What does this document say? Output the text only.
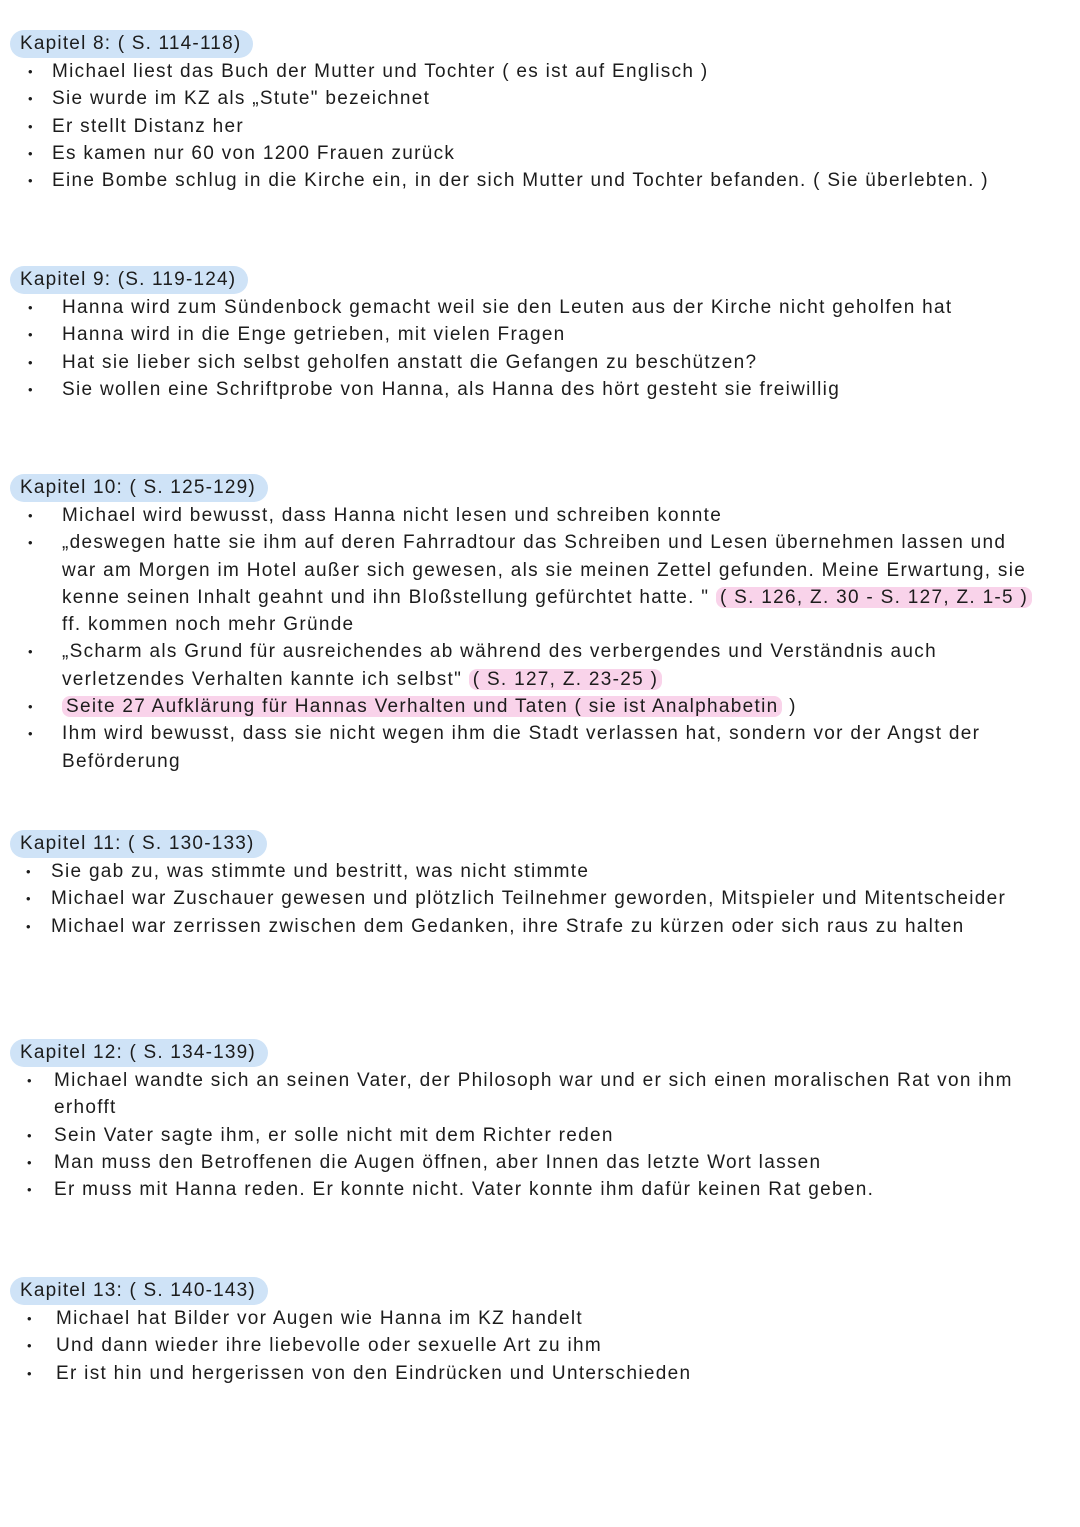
Kapitel 8: ( S. 114-118)
• Michael liest das Buch der Mutter und Tochter ( es ist auf Englisch )
• Sie wurde im KZ als „Stute" bezeichnet
• Er stellt Distanz her
• Es kamen nur 60 von 1200 Frauen zurück
• Eine Bombe schlug in die Kirche ein, in der sich Mutter und Tochter befanden. ( Sie überlebten. )
Kapitel 9: (S. 119-124)
• Hanna wird zum Sündenbock gemacht weil sie den Leuten aus der Kirche nicht geholfen hat
• Hanna wird in die Enge getrieben, mit vielen Fragen
• Hat sie lieber sich selbst geholfen anstatt die Gefangen zu beschützen?
• Sie wollen eine Schriftprobe von Hanna, als Hanna des hört gesteht sie freiwillig
Kapitel 10: ( S. 125-129)
• Michael wird bewusst, dass Hanna nicht lesen und schreiben konnte
• „deswegen hatte sie ihm auf deren Fahrradtour das Schreiben und Lesen übernehmen lassen und war am Morgen im Hotel außer sich gewesen, als sie meinen Zettel gefunden. Meine Erwartung, sie kenne seinen Inhalt geahnt und ihn Bloßstellung gefürchtet hatte. " ( S. 126, Z. 30 - S. 127, Z. 1-5 ) ff. kommen noch mehr Gründe
• „Scharm als Grund für ausreichendes ab während des verbergendes und Verständnis auch verletzendes Verhalten kannte ich selbst" ( S. 127, Z. 23-25 )
• Seite 27 Aufklärung für Hannas Verhalten und Taten ( sie ist Analphabetin )
• Ihm wird bewusst, dass sie nicht wegen ihm die Stadt verlassen hat, sondern vor der Angst der Beförderung
Kapitel 11: ( S. 130-133)
• Sie gab zu, was stimmte und bestritt, was nicht stimmte
• Michael war Zuschauer gewesen und plötzlich Teilnehmer geworden, Mitspieler und Mitentscheider
• Michael war zerrissen zwischen dem Gedanken, ihre Strafe zu kürzen oder sich raus zu halten
Kapitel 12: ( S. 134-139)
• Michael wandte sich an seinen Vater, der Philosoph war und er sich einen moralischen Rat von ihm erhofft
• Sein Vater sagte ihm, er solle nicht mit dem Richter reden
• Man muss den Betroffenen die Augen öffnen, aber Innen das letzte Wort lassen
• Er muss mit Hanna reden. Er konnte nicht. Vater konnte ihm dafür keinen Rat geben.
Kapitel 13: ( S. 140-143)
• Michael hat Bilder vor Augen wie Hanna im KZ handelt
• Und dann wieder ihre liebevolle oder sexuelle Art zu ihm
• Er ist hin und hergerissen von den Eindrücken und Unterschieden
